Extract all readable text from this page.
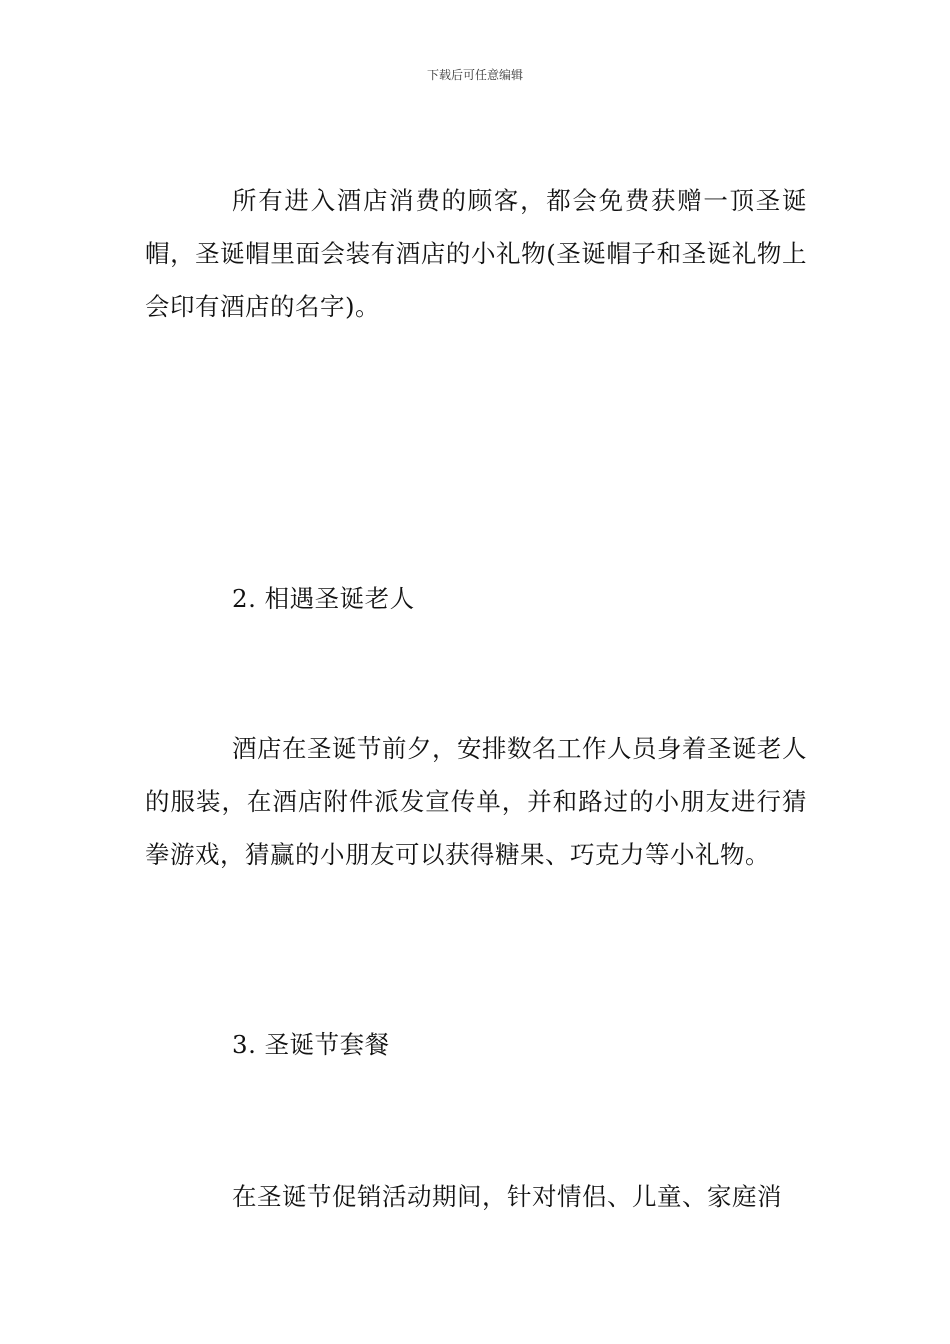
下载后可任意编辑
所有进入酒店消费的顾客，都会免费获赠一顶圣诞帽，圣诞帽里面会装有酒店的小礼物(圣诞帽子和圣诞礼物上会印有酒店的名字)。
2. 相遇圣诞老人
酒店在圣诞节前夕，安排数名工作人员身着圣诞老人的服装，在酒店附件派发宣传单，并和路过的小朋友进行猜拳游戏，猜赢的小朋友可以获得糖果、巧克力等小礼物。
3. 圣诞节套餐
在圣诞节促销活动期间，针对情侣、儿童、家庭消
